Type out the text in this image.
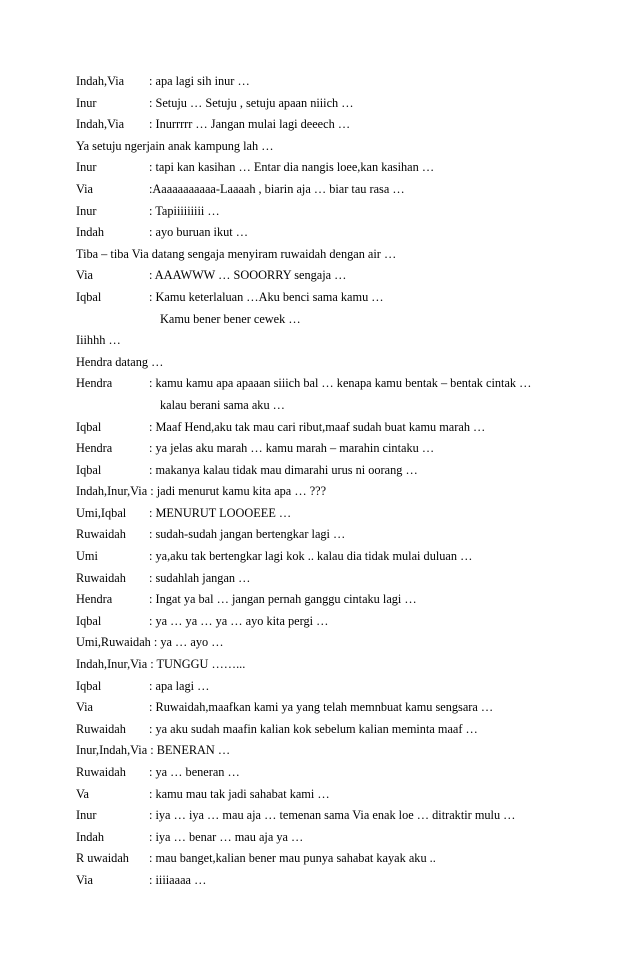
Indah,Via : apa lagi sih inur …
Inur	: Setuju … Setuju , setuju apaan niiich …
Indah,Via : Inurrrrr … Jangan mulai lagi deeech …
Ya setuju ngerjain anak kampung lah …
Inur	: tapi kan kasihan … Entar dia nangis loee,kan kasihan …
Via	:Aaaaaaaaaaa-Laaaah , biarin aja … biar tau rasa …
Inur	: Tapiiiiiiiii …
Indah	: ayo buruan ikut …
Tiba – tiba Via datang sengaja menyiram ruwaidah dengan air …
Via	: AAAWWW … SOOORRY sengaja …
Iqbal	: Kamu keterlaluan …Aku benci sama kamu …
Kamu bener bener cewek …
Iiihhh …
Hendra datang …
Hendra	: kamu kamu apa apaaan siiich bal … kenapa kamu bentak – bentak cintak …
kalau berani sama aku …
Iqbal	: Maaf Hend,aku tak mau cari ribut,maaf sudah buat kamu marah …
Hendra	: ya jelas aku marah … kamu marah – marahin cintaku …
Iqbal	: makanya kalau tidak mau dimarahi urus ni oorang …
Indah,Inur,Via : jadi menurut kamu kita apa … ???
Umi,Iqbal : MENURUT LOOOEEE …
Ruwaidah : sudah-sudah jangan bertengkar lagi …
Umi	: ya,aku tak bertengkar lagi kok .. kalau dia tidak mulai duluan …
Ruwaidah : sudahlah jangan …
Hendra	: Ingat ya bal … jangan pernah ganggu cintaku lagi …
Iqbal	: ya … ya … ya … ayo kita pergi …
Umi,Ruwaidah : ya … ayo …
Indah,Inur,Via : TUNGGU ……...
Iqbal	: apa lagi …
Via	: Ruwaidah,maafkan kami ya yang telah memnbuat kamu sengsara …
Ruwaidah : ya aku sudah maafin kalian kok sebelum kalian meminta maaf …
Inur,Indah,Via : BENERAN …
Ruwaidah : ya … beneran …
Va	: kamu mau tak jadi sahabat kami …
Inur	: iya … iya … mau aja … temenan sama Via enak loe … ditraktir mulu …
Indah	: iya … benar … mau aja ya …
R uwaidah : mau banget,kalian bener mau punya sahabat kayak aku ..
Via	: iiiiaaaa …
